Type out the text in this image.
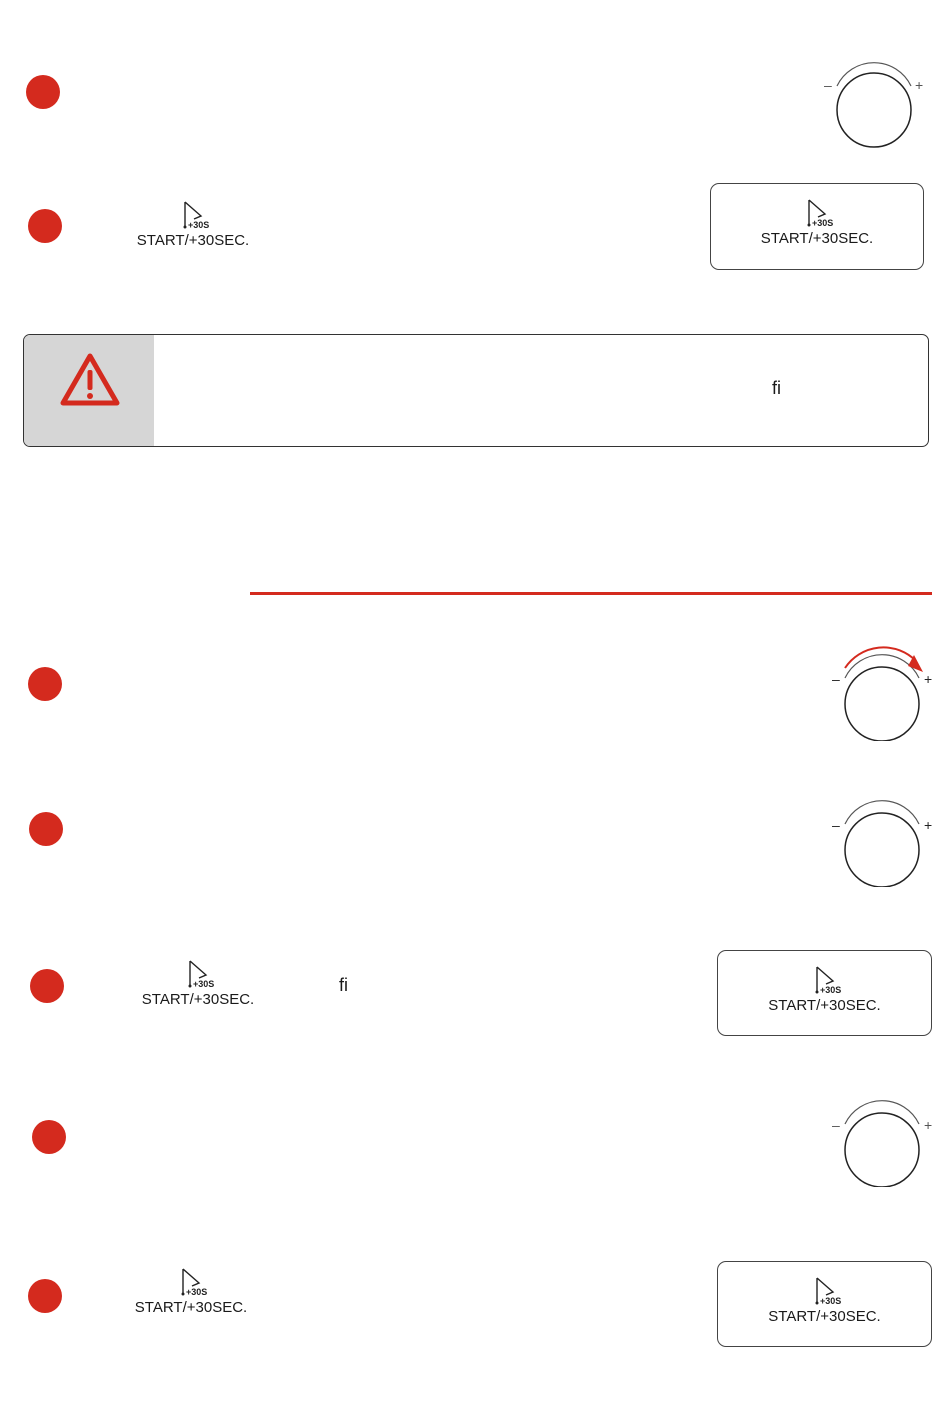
–	+
+30S
START/+30SEC.
+30S
START/+30SEC.
ﬁ
–	+
–	+
+30S
START/+30SEC.
ﬁ	+30S
START/+30SEC.
–	+
+30S
START/+30SEC.	+30S
START/+30SEC.
